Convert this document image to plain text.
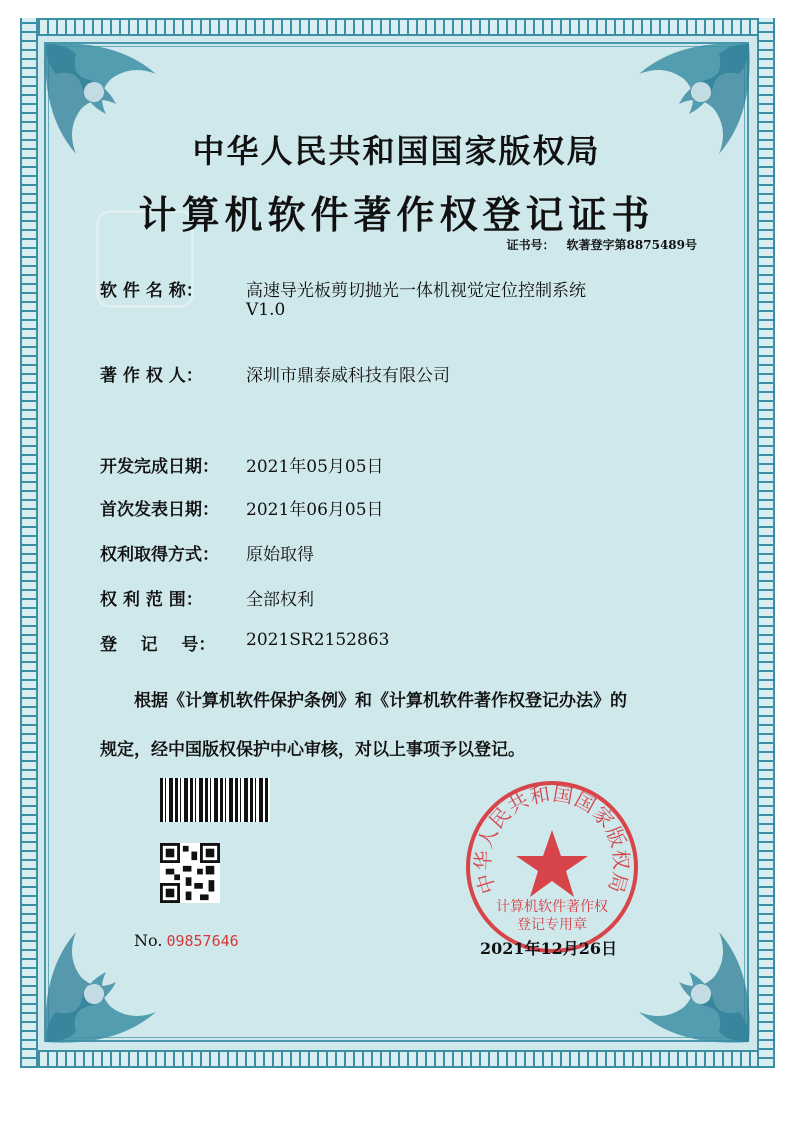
中华人民共和国国家版权局
计算机软件著作权登记证书
证书号： 软著登字第8875489号
软 件 名 称：	高速导光板剪切抛光一体机视觉定位控制系统
V1.0
著 作 权 人：	深圳市鼎泰威科技有限公司
开发完成日期： 2021年05月05日
首次发表日期： 2021年06月05日
权利取得方式： 原始取得
权 利 范 围：	全部权利
登    记    号： 2021SR2152863
根据《计算机软件保护条例》和《计算机软件著作权登记办法》的
规定，经中国版权保护中心审核，对以上事项予以登记。
No. 09857646
中华人民共和国国家版权局
计算机软件著作权
登记专用章
2021年12月26日
